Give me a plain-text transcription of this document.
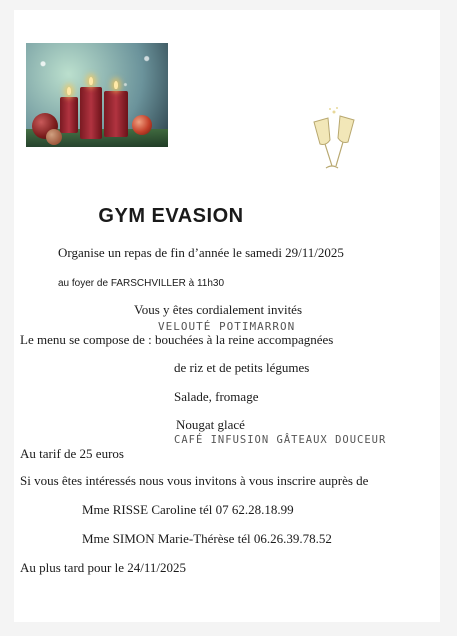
GYM EVASION
Organise un repas de fin d’année le samedi 29/11/2025
au foyer de FARSCHVILLER à 11h30
Vous y êtes cordialement invités
VELOUTÉ POTIMARRON
Le menu se compose de : bouchées à la reine accompagnées
de riz et de petits légumes
Salade, fromage
Nougat glacé
CAFÉ INFUSION GÂTEAUX DOUCEUR
Au tarif de 25 euros
Si vous êtes intéressés nous vous invitons à vous inscrire auprès de
Mme RISSE Caroline tél 07 62.28.18.99
Mme SIMON Marie-Thérèse tél 06.26.39.78.52
Au plus tard pour le 24/11/2025
